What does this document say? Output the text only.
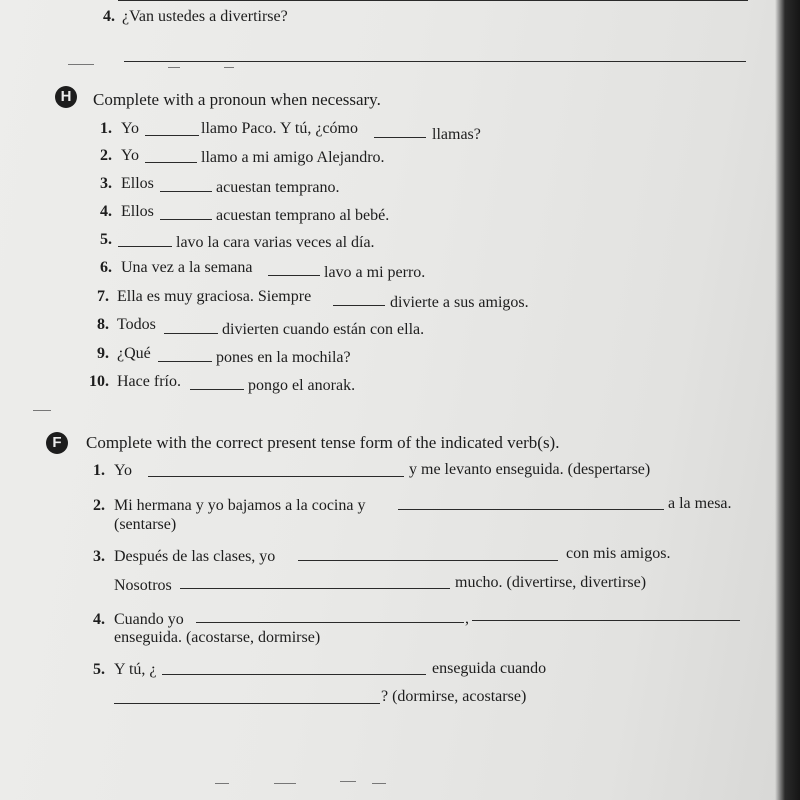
4. ¿Van ustedes a divertirse?
H	Complete with a pronoun when necessary.
1. Yo	llamo Paco. Y tú, ¿cómo	llamas?
2. Yo	llamo a mi amigo Alejandro.
3. Ellos	acuestan temprano.
4. Ellos	acuestan temprano al bebé.
5.	lavo la cara varias veces al día.
6. Una vez a la semana	lavo a mi perro.
7. Ella es muy graciosa. Siempre	divierte a sus amigos.
8. Todos	divierten cuando están con ella.
9. ¿Qué	pones en la mochila?
10. Hace frío.	pongo el anorak.
F	Complete with the correct present tense form of the indicated verb(s).
1. Yo	y me levanto enseguida. (despertarse)
2. Mi hermana y yo bajamos a la cocina y	a la mesa.
(sentarse)
3. Después de las clases, yo	con mis amigos.
Nosotros	mucho. (divertirse, divertirse)
4. Cuando yo	,
enseguida. (acostarse, dormirse)
5. Y tú, ¿	enseguida cuando
? (dormirse, acostarse)
